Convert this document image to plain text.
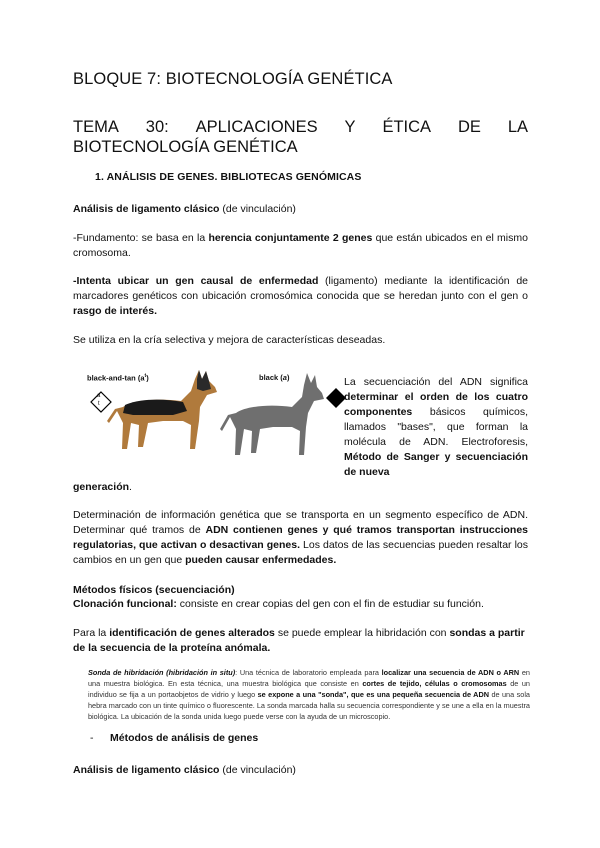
BLOQUE 7: BIOTECNOLOGÍA GENÉTICA
TEMA 30: APLICACIONES Y ÉTICA DE LA
BIOTECNOLOGÍA GENÉTICA
1. ANÁLISIS DE GENES. BIBLIOTECAS GENÓMICAS
Análisis de ligamento clásico (de vinculación)
-Fundamento: se basa en la herencia conjuntamente 2 genes que están ubicados en el mismo cromosoma.
-Intenta ubicar un gen causal de enfermedad (ligamento) mediante la identificación de marcadores genéticos con ubicación cromosómica conocida que se heredan junto con el gen o rasgo de interés.
Se utiliza en la cría selectiva y mejora de características deseadas.
black-and-tan $(a^t)$	black (a)
a
t
La secuenciación del ADN significa determinar el orden de los cuatro componentes básicos químicos, llamados "bases", que forman la molécula de ADN. Electroforesis, Método de Sanger y secuenciación de nueva
generación.
Determinación de información genética que se transporta en un segmento específico de ADN. Determinar qué tramos de ADN contienen genes y qué tramos transportan instrucciones regulatorias, que activan o desactivan genes. Los datos de las secuencias pueden resaltar los cambios en un gen que pueden causar enfermedades.
Métodos físicos (secuenciación)
Clonación funcional: consiste en crear copias del gen con el fin de estudiar su función.
Para la identificación de genes alterados se puede emplear la hibridación con sondas a partir de la secuencia de la proteína anómala.
Sonda de hibridación (hibridación in situ): Una técnica de laboratorio empleada para localizar una secuencia de ADN o ARN en una muestra biológica. En esta técnica, una muestra biológica que consiste en cortes de tejido, células o cromosomas de un individuo se fija a un portaobjetos de vidrio y luego se expone a una "sonda", que es una pequeña secuencia de ADN de una sola hebra marcado con un tinte químico o fluorescente. La sonda marcada halla su secuencia correspondiente y se une a ella en la muestra biológica. La ubicación de la sonda unida luego puede verse con la ayuda de un microscopio.
- Métodos de análisis de genes
Análisis de ligamento clásico (de vinculación)
